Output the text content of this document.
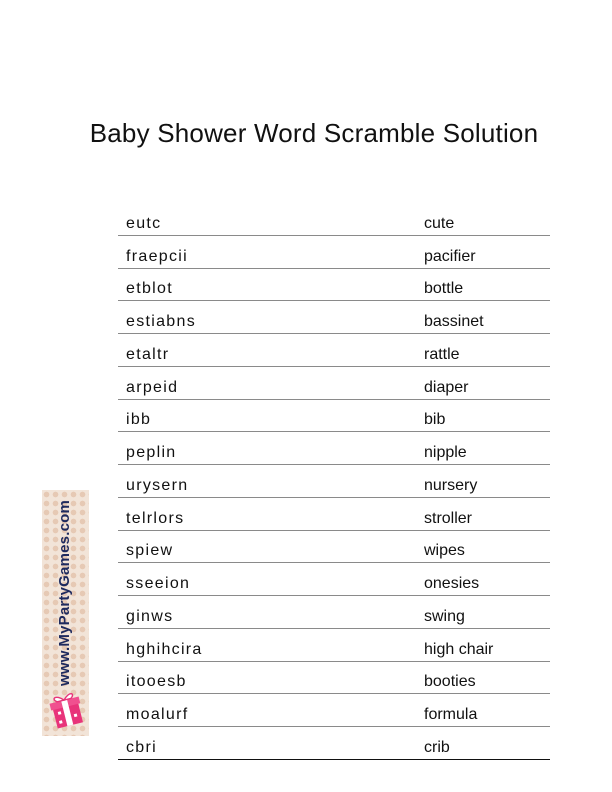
Baby Shower Word Scramble Solution
eutc	cute
fraepcii	pacifier
etblot	bottle
estiabns	bassinet
etaltr	rattle
arpeid	diaper
ibb	bib
peplin	nipple
urysern	nursery
telrlors	stroller
spiew	wipes
sseeion	onesies
ginws	swing
hghihcira	high chair
itooesb	booties
moalurf	formula
cbri	crib
www.MyPartyGames.com
